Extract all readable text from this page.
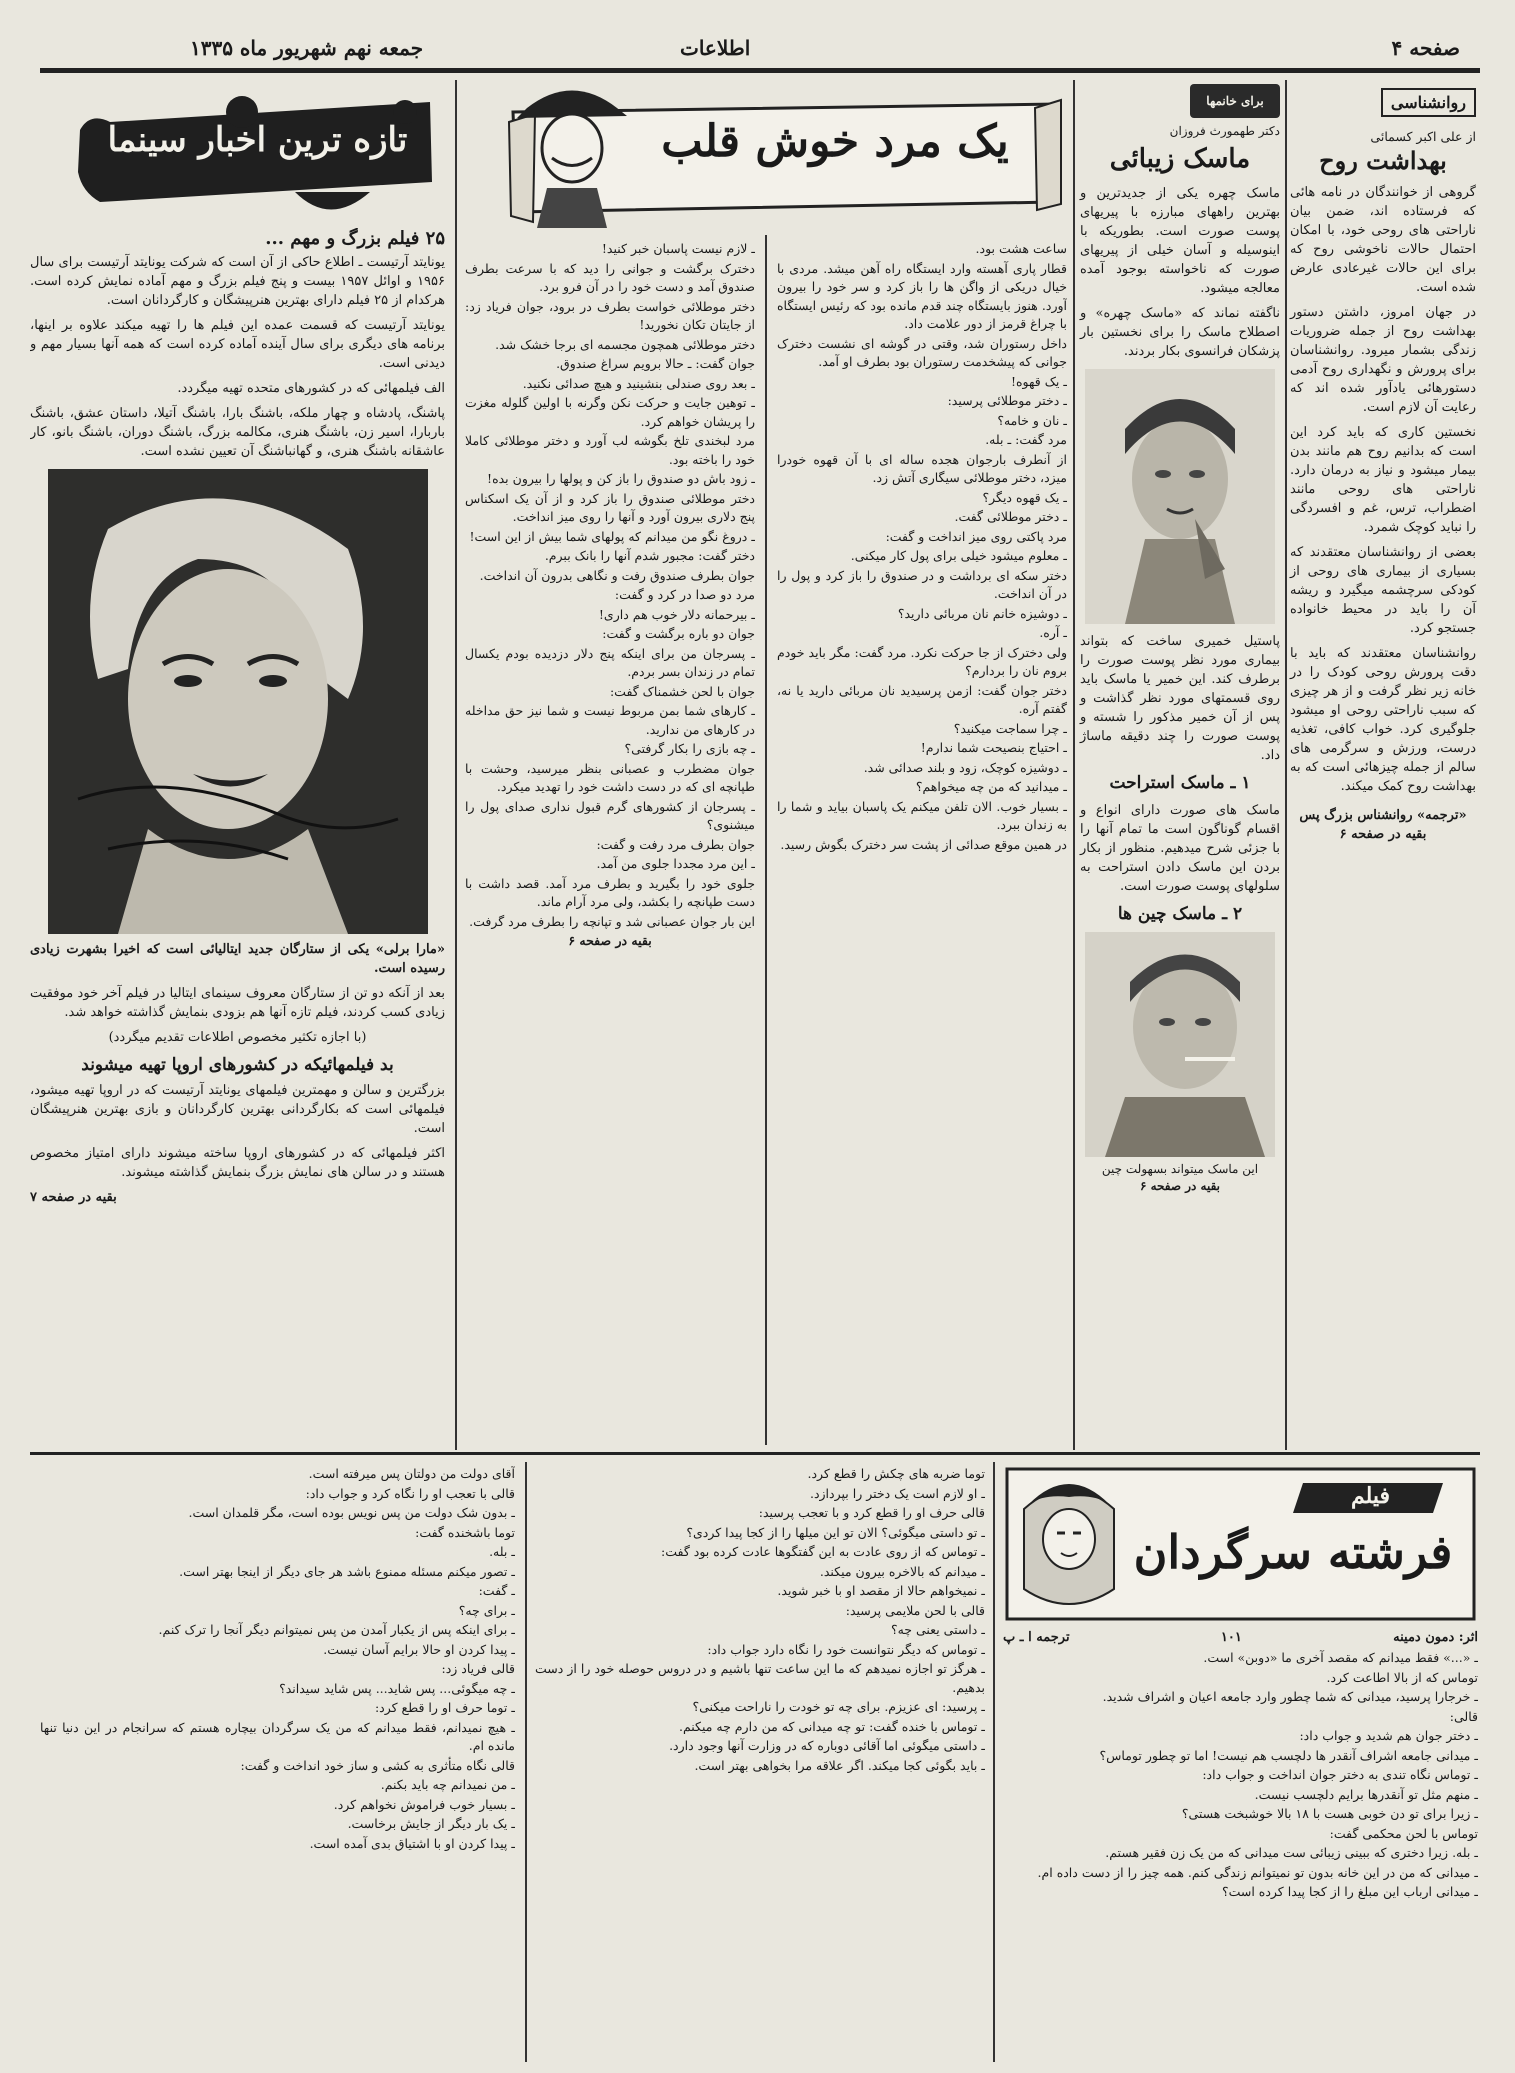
صفحه ۴
اطلاعات
جمعه نهم شهریور ماه ۱۳۳۵
روانشناسی
از علی اکبر کسمائی
بهداشت روح

گروهی از خوانندگان در نامه هائی که فرستاده اند، ضمن بیان ناراحتی های روحی خود، با امکان احتمال حالات ناخوشی روح که برای این حالات غیرعادی عارض شده است.

در جهان امروز، داشتن دستور بهداشت روح از جمله ضروریات زندگی بشمار میرود. روانشناسان برای پرورش و نگهداری روح آدمی دستورهائی یادآور شده اند که رعایت آن لازم است.

نخستین کاری که باید کرد این است که بدانیم روح هم مانند بدن بیمار میشود و نیاز به درمان دارد. ناراحتی های روحی مانند اضطراب، ترس، غم و افسردگی را نباید کوچک شمرد.

بعضی از روانشناسان معتقدند که بسیاری از بیماری های روحی از کودکی سرچشمه میگیرد و ریشه آن را باید در محیط خانواده جستجو کرد.

روانشناسان معتقدند که باید با دقت پرورش روحی کودک را در خانه زیر نظر گرفت و از هر چیزی که سبب ناراحتی روحی او میشود جلوگیری کرد. خواب کافی، تغذیه درست، ورزش و سرگرمی های سالم از جمله چیزهائی است که به بهداشت روح کمک میکند.

«ترجمه» روانشناس بزرگ پس بقیه در صفحه ۶

برای خانمها
دکتر طهمورث فروزان
ماسک زیبائی

ماسک چهره یکی از جدیدترین و بهترین راههای مبارزه با پیریهای پوست صورت است. بطوریکه با اینوسیله و آسان خیلی از پیریهای صورت که ناخواسته بوجود آمده معالجه میشود.

ناگفته نماند که «ماسک چهره» و اصطلاح ماسک را برای نخستین بار پزشکان فرانسوی بکار بردند.

پاستیل خمیری ساخت که بتواند بیماری مورد نظر پوست صورت را برطرف کند. این خمیر یا ماسک باید روی قسمتهای مورد نظر گذاشت و پس از آن خمیر مذکور را شسته و پوست صورت را چند دقیقه ماساژ داد.

۱ ـ ماسک استراحت

ماسک های صورت دارای انواع و اقسام گوناگون است ما تمام آنها را با جزئی شرح میدهیم. منظور از بکار بردن این ماسک دادن استراحت به سلولهای پوست صورت است.

۲ ـ ماسک چین ها
این ماسک میتواند بسهولت چین
بقیه در صفحه ۶
یک مرد خوش قلب

ساعت هشت بود.

قطار پاری آهسته وارد ایستگاه راه آهن میشد. مردی با خیال دریکی از واگن ها را باز کرد و سر خود را بیرون آورد. هنوز بایستگاه چند قدم مانده بود که رئیس ایستگاه با چراغ قرمز از دور علامت داد.

داخل رستوران شد، وقتی در گوشه ای نشست دخترک جوانی که پیشخدمت رستوران بود بطرف او آمد.

ـ یک قهوه!

ـ دختر موطلائی پرسید:

ـ نان و خامه؟

مرد گفت: ـ بله.

از آنطرف بارجوان هجده ساله ای با آن قهوه خودرا میزد، دختر موطلائی سیگاری آتش زد.

ـ یک قهوه دیگر؟

ـ دختر موطلائی گفت.

مرد پاکتی روی میز انداخت و گفت:

ـ معلوم میشود خیلی برای پول کار میکنی.

دختر سکه ای برداشت و در صندوق را باز کرد و پول را در آن انداخت.

ـ دوشیزه خانم نان مربائی دارید؟

ـ آره.

ولی دخترک از جا حرکت نکرد. مرد گفت: مگر باید خودم بروم نان را بردارم؟

دختر جوان گفت: ازمن پرسیدید نان مربائی دارید یا نه، گفتم آره.

ـ چرا سماجت میکنید؟

ـ احتیاج بنصیحت شما ندارم!

ـ دوشیزه کوچک، زود و بلند صدائی شد.

ـ میدانید که من چه میخواهم؟

ـ بسیار خوب. الان تلفن میکنم یک پاسبان بیاید و شما را به زندان ببرد.

در همین موقع صدائی از پشت سر دخترک بگوش رسید.

ـ لازم نیست پاسبان خبر کنید!

دخترک برگشت و جوانی را دید که با سرعت بطرف صندوق آمد و دست خود را در آن فرو برد.

دختر موطلائی خواست بطرف در برود، جوان فریاد زد: از جایتان تکان نخورید!

دختر موطلائی همچون مجسمه ای برجا خشک شد.

جوان گفت: ـ حالا برویم سراغ صندوق.

ـ بعد روی صندلی بنشینید و هیچ صدائی نکنید.

ـ توهین جایت و حرکت نکن وگرنه با اولین گلوله مغزت را پریشان خواهم کرد.

مرد لبخندی تلخ بگوشه لب آورد و دختر موطلائی کاملا خود را باخته بود.

ـ زود باش دو صندوق را باز کن و پولها را بیرون بده!

دختر موطلائی صندوق را باز کرد و از آن یک اسکناس پنج دلاری بیرون آورد و آنها را روی میز انداخت.

ـ دروغ نگو من میدانم که پولهای شما بیش از این است!

دختر گفت: مجبور شدم آنها را بانک ببرم.

جوان بطرف صندوق رفت و نگاهی بدرون آن انداخت.

مرد دو صدا در کرد و گفت:

ـ بیرحمانه دلار خوب هم داری!

جوان دو باره برگشت و گفت:

ـ پسرجان من برای اینکه پنج دلار دزدیده بودم یکسال تمام در زندان بسر بردم.

جوان با لحن خشمناک گفت:

ـ کارهای شما بمن مربوط نیست و شما نیز حق مداخله در کارهای من ندارید.

ـ چه بازی را بکار گرفتی؟

جوان مضطرب و عصبانی بنظر میرسید، وحشت با طپانچه ای که در دست داشت خود را تهدید میکرد.

ـ پسرجان از کشورهای گرم قبول نداری صدای پول را میشنوی؟

جوان بطرف مرد رفت و گفت:

ـ این مرد مجددا جلوی من آمد.

جلوی خود را بگیرید و بطرف مرد آمد. قصد داشت با دست طپانچه را بکشد، ولی مرد آرام ماند.

این بار جوان عصبانی شد و تپانچه را بطرف مرد گرفت.

بقیه در صفحه ۶

تازه ترین اخبار سینما
۲۵ فیلم بزرگ و مهم ...

یونایتد آرتیست ـ اطلاع حاکی از آن است که شرکت یونایتد آرتیست برای سال ۱۹۵۶ و اوائل ۱۹۵۷ بیست و پنج فیلم بزرگ و مهم آماده نمایش کرده است. هرکدام از ۲۵ فیلم دارای بهترین هنرپیشگان و کارگردانان است.

یونایتد آرتیست که قسمت عمده این فیلم ها را تهیه میکند علاوه بر اینها، برنامه های دیگری برای سال آینده آماده کرده است که همه آنها بسیار مهم و دیدنی است.

الف فیلمهائی که در کشورهای متحده تهیه میگردد.

پاشنگ، پادشاه و چهار ملکه، باشنگ بارا، باشنگ آتیلا، داستان عشق، باشنگ باربارا، اسیر زن، باشنگ هنری، مکالمه بزرگ، باشنگ دوران، باشنگ بانو، کار عاشقانه باشنگ هنری، و گهانباشنگ آن تعیین نشده است.

«مارا برلی» یکی از ستارگان جدید ایتالیائی است که اخیرا بشهرت زیادی رسیده است.

بعد از آنکه دو تن از ستارگان معروف سینمای ایتالیا در فیلم آخر خود موفقیت زیادی کسب کردند، فیلم تازه آنها هم بزودی بنمایش گذاشته خواهد شد.

(با اجازه تکثیر مخصوص اطلاعات تقدیم میگردد)

بد فیلمهائیکه در کشورهای اروپا تهیه میشوند

بزرگترین و سالن و مهمترین فیلمهای یونایتد آرتیست که در اروپا تهیه میشود، فیلمهائی است که بکارگردانی بهترین کارگردانان و بازی بهترین هنرپیشگان است.

اکثر فیلمهائی که در کشورهای اروپا ساخته میشوند دارای امتیاز مخصوص هستند و در سالن های نمایش بزرگ بنمایش گذاشته میشوند.

بقیه در صفحه ۷

فیلم
فرشته سرگردان
اثر: دمون دمینه
۱۰۱
ترجمه ا ـ پ

ـ «...» فقط میدانم که مقصد آخری ما «دوبن» است.

توماس که از بالا اطاعت کرد.

ـ خرجارا پرسید، میدانی که شما چطور وارد جامعه اعیان و اشراف شدید.

قالی:

ـ دختر جوان هم شدید و جواب داد:

ـ میدانی جامعه اشراف آنقدر ها دلچسب هم نیست! اما تو چطور توماس؟

ـ توماس نگاه تندی به دختر جوان انداخت و جواب داد:

ـ منهم مثل تو آنقدرها برایم دلچسب نیست.

ـ زیرا برای تو دن خوبی هست با ۱۸ بالا خوشبخت هستی؟

توماس با لحن محکمی گفت:

ـ بله. زیرا دختری که ببینی زیبائی ست میدانی که من یک زن فقیر هستم.

ـ میدانی که من در این خانه بدون تو نمیتوانم زندگی کنم. همه چیز را از دست داده ام.

ـ میدانی ارباب این مبلغ را از کجا پیدا کرده است؟

توما ضربه های چکش را قطع کرد.

ـ او لازم است یک دختر را بپردازد.

قالی حرف او را قطع کرد و با تعجب پرسید:

ـ تو داستی میگوئی؟ الان تو این میلها را از کجا پیدا کردی؟

ـ توماس که از روی عادت به این گفتگوها عادت کرده بود گفت:

ـ میدانم که بالاخره بیرون میکند.

ـ نمیخواهم حالا از مقصد او با خبر شوید.

قالی با لحن ملایمی پرسید:

ـ داستی یعنی چه؟

ـ توماس که دیگر نتوانست خود را نگاه دارد جواب داد:

ـ هرگز تو اجازه نمیدهم که ما این ساعت تنها باشیم و در دروس حوصله خود را از دست بدهیم.

ـ پرسید: ای عزیزم. برای چه تو خودت را ناراحت میکنی؟

ـ توماس با خنده گفت: تو چه میدانی که من دارم چه میکنم.

ـ داستی میگوئی اما آقائی دوباره که در وزارت آنها وجود دارد.

ـ باید بگوئی کجا میکند. اگر علاقه مرا بخواهی بهتر است.

آقای دولت من دولتان پس میرفته است.

قالی با تعجب او را نگاه کرد و جواب داد:

ـ بدون شک دولت من پس نویس بوده است، مگر قلمدان است.

توما باشخنده گفت:

ـ بله.

ـ تصور میکنم مسئله ممنوع باشد هر جای دیگر از اینجا بهتر است.

ـ گفت:

ـ برای چه؟

ـ برای اینکه پس از یکبار آمدن من پس نمیتوانم دیگر آنجا را ترک کنم.

ـ پیدا کردن او حالا برایم آسان نیست.

قالی فریاد زد:

ـ چه میگوئی... پس شاید... پس شاید سیداند؟

ـ توما حرف او را قطع کرد:

ـ هیچ نمیدانم، فقط میدانم که من یک سرگردان بیچاره هستم که سرانجام در این دنیا تنها مانده ام.

قالی نگاه متأثری به کشی و ساز خود انداخت و گفت:

ـ من نمیدانم چه باید بکنم.

ـ بسیار خوب فراموش نخواهم کرد.

ـ یک بار دیگر از جایش برخاست.

ـ پیدا کردن او با اشتیاق بدی آمده است.
